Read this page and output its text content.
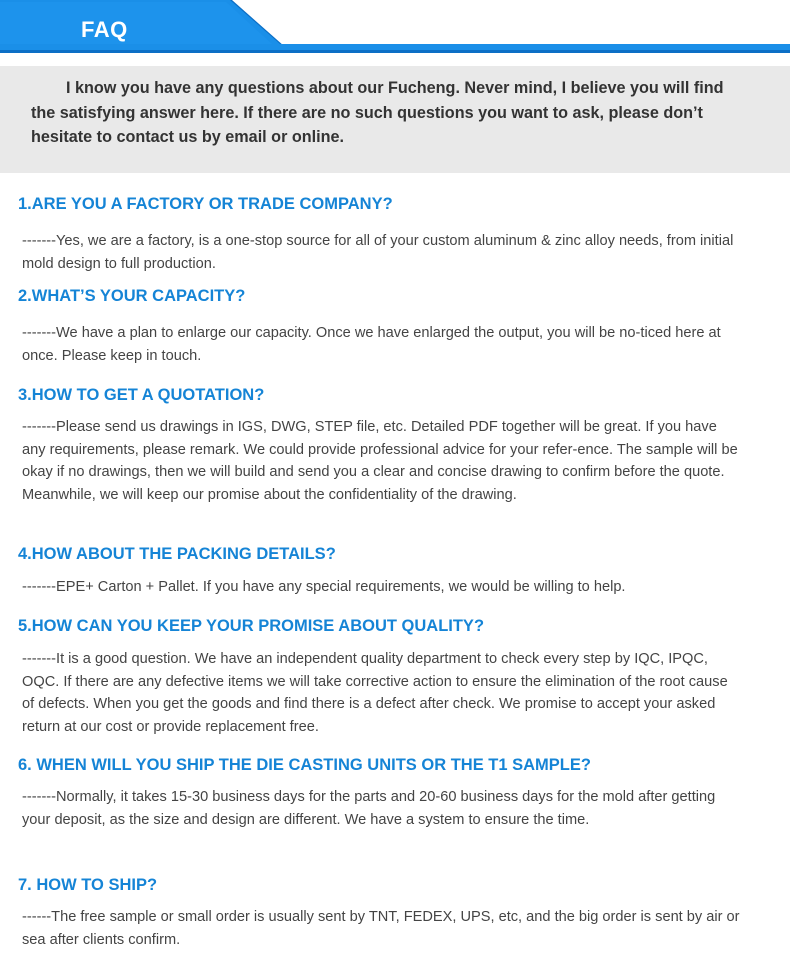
FAQ
I know you have any questions about our Fucheng. Never mind, I believe you will find the satisfying answer here. If there are no such questions you want to ask, please don’t hesitate to contact us by email or online.
1.ARE YOU A FACTORY OR TRADE COMPANY?
-------Yes, we are a factory, is a one-stop source for all of your custom aluminum & zinc alloy needs, from initial mold design to full production.
2.WHAT’S YOUR CAPACITY?
-------We have a plan to enlarge our capacity. Once we have enlarged the output, you will be no-ticed here at once. Please keep in touch.
3.HOW TO GET A QUOTATION?
-------Please send us drawings in IGS, DWG, STEP file, etc. Detailed PDF together will be great. If you have any requirements, please remark. We could provide professional advice for your refer-ence. The sample will be okay if no drawings, then we will build and send you a clear and concise drawing to confirm before the quote. Meanwhile, we will keep our promise about the confidentiality of the drawing.
4.HOW ABOUT THE PACKING DETAILS?
-------EPE+ Carton + Pallet. If you have any special requirements, we would be willing to help.
5.HOW CAN YOU KEEP YOUR PROMISE ABOUT QUALITY?
-------It is a good question. We have an independent quality department to check every step by IQC, IPQC, OQC. If there are any defective items we will take corrective action to ensure the elimination of the root cause of defects. When you get the goods and find there is a defect after check. We promise to accept your asked return at our cost or provide replacement free.
6. WHEN WILL YOU SHIP THE DIE CASTING UNITS OR THE T1 SAMPLE?
-------Normally, it takes 15-30 business days for the parts and 20-60 business days for the mold after getting your deposit, as the size and design are different. We have a system to ensure the time.
7. HOW TO SHIP?
------The free sample or small order is usually sent by TNT, FEDEX, UPS, etc, and the big order is sent by air or sea after clients confirm.
